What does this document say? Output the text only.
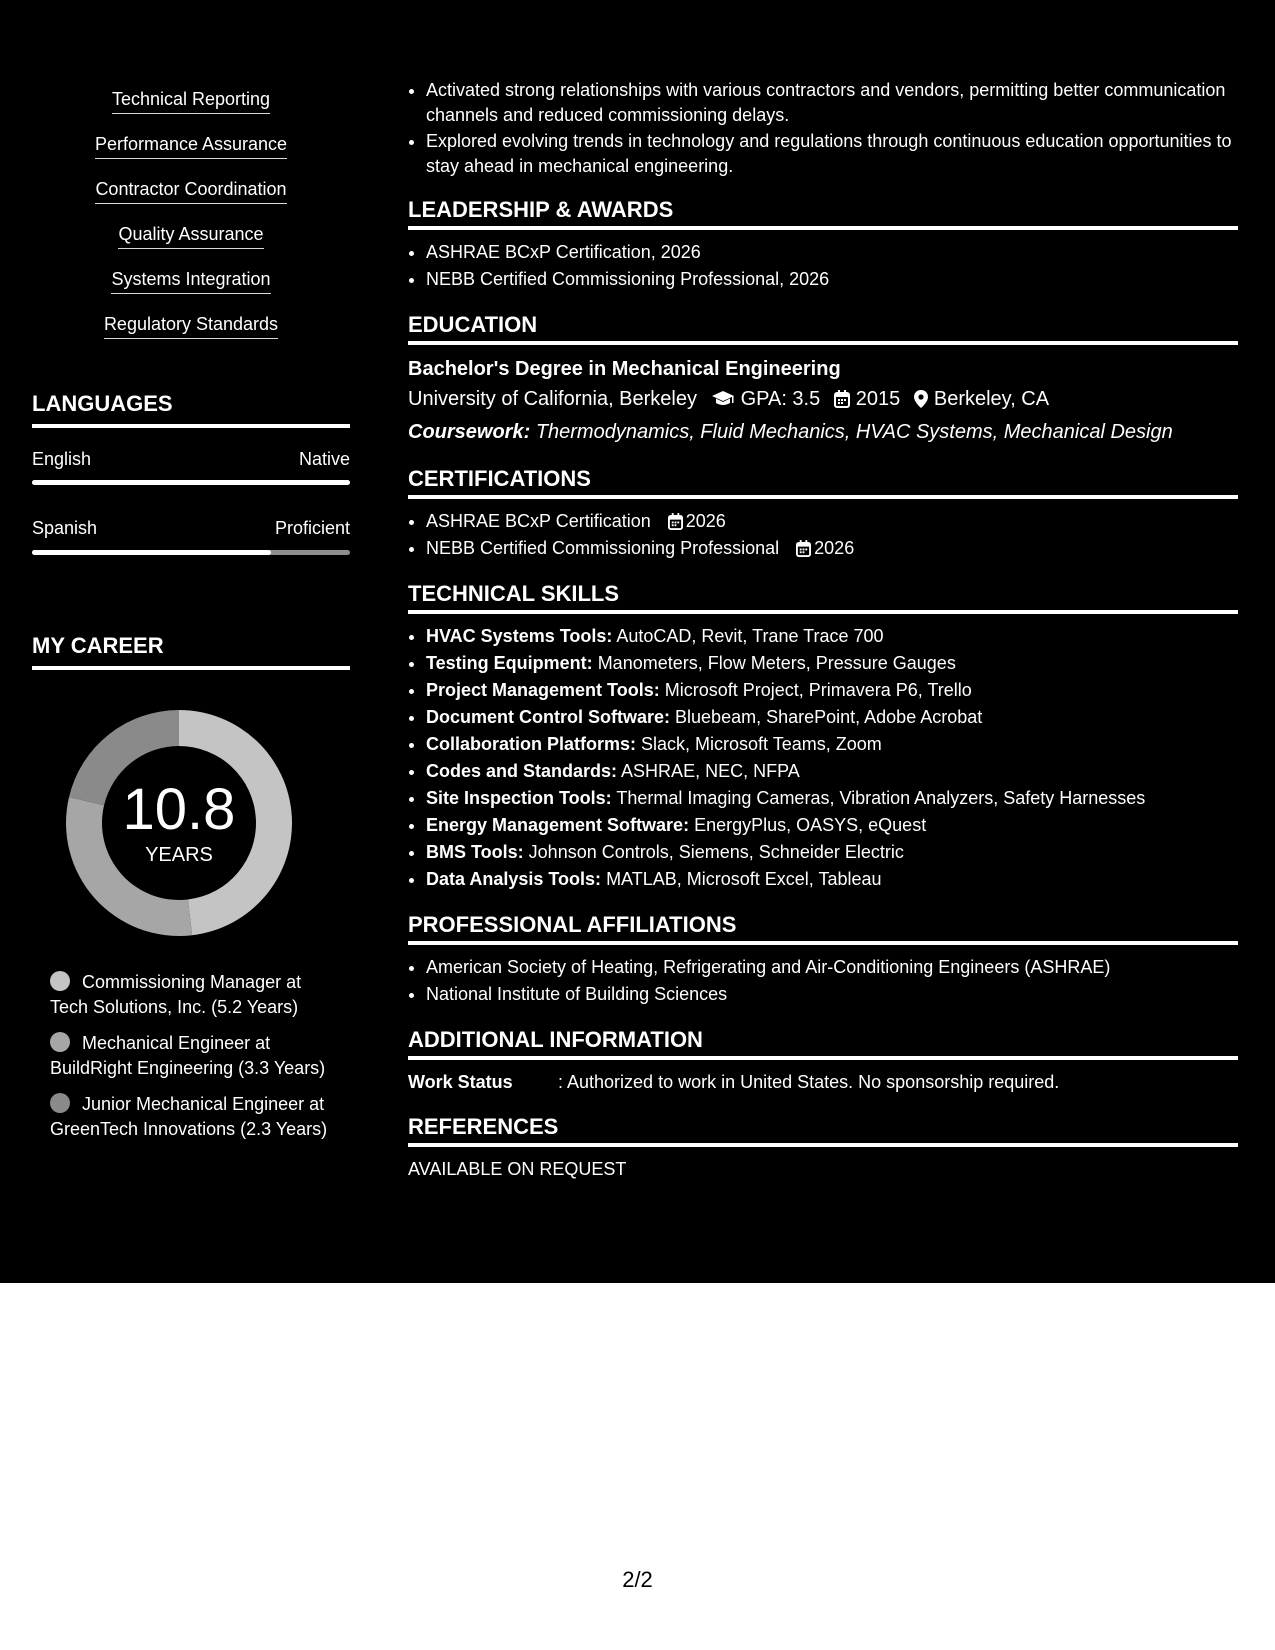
Technical Reporting
Performance Assurance
Contractor Coordination
Quality Assurance
Systems Integration
Regulatory Standards
LANGUAGES
English	Native
Spanish	Proficient
MY CAREER
10.8
YEARS
Commissioning Manager at Tech Solutions, Inc. (5.2 Years)
Mechanical Engineer at BuildRight Engineering (3.3 Years)
Junior Mechanical Engineer at GreenTech Innovations (2.3 Years)
• Activated strong relationships with various contractors and vendors, permitting better communication channels and reduced commissioning delays.
• Explored evolving trends in technology and regulations through continuous education opportunities to stay ahead in mechanical engineering.
LEADERSHIP & AWARDS
• ASHRAE BCxP Certification, 2026
• NEBB Certified Commissioning Professional, 2026
EDUCATION
Bachelor's Degree in Mechanical Engineering
University of California, Berkeley GPA: 3.5 2015 Berkeley, CA
Coursework: Thermodynamics, Fluid Mechanics, HVAC Systems, Mechanical Design
CERTIFICATIONS
• ASHRAE BCxP Certification 2026
• NEBB Certified Commissioning Professional 2026
TECHNICAL SKILLS
• HVAC Systems Tools: AutoCAD, Revit, Trane Trace 700
• Testing Equipment: Manometers, Flow Meters, Pressure Gauges
• Project Management Tools: Microsoft Project, Primavera P6, Trello
• Document Control Software: Bluebeam, SharePoint, Adobe Acrobat
• Collaboration Platforms: Slack, Microsoft Teams, Zoom
• Codes and Standards: ASHRAE, NEC, NFPA
• Site Inspection Tools: Thermal Imaging Cameras, Vibration Analyzers, Safety Harnesses
• Energy Management Software: EnergyPlus, OASYS, eQuest
• BMS Tools: Johnson Controls, Siemens, Schneider Electric
• Data Analysis Tools: MATLAB, Microsoft Excel, Tableau
PROFESSIONAL AFFILIATIONS
• American Society of Heating, Refrigerating and Air-Conditioning Engineers (ASHRAE)
• National Institute of Building Sciences
ADDITIONAL INFORMATION
Work Status	: Authorized to work in United States. No sponsorship required.
REFERENCES
AVAILABLE ON REQUEST
2/2
